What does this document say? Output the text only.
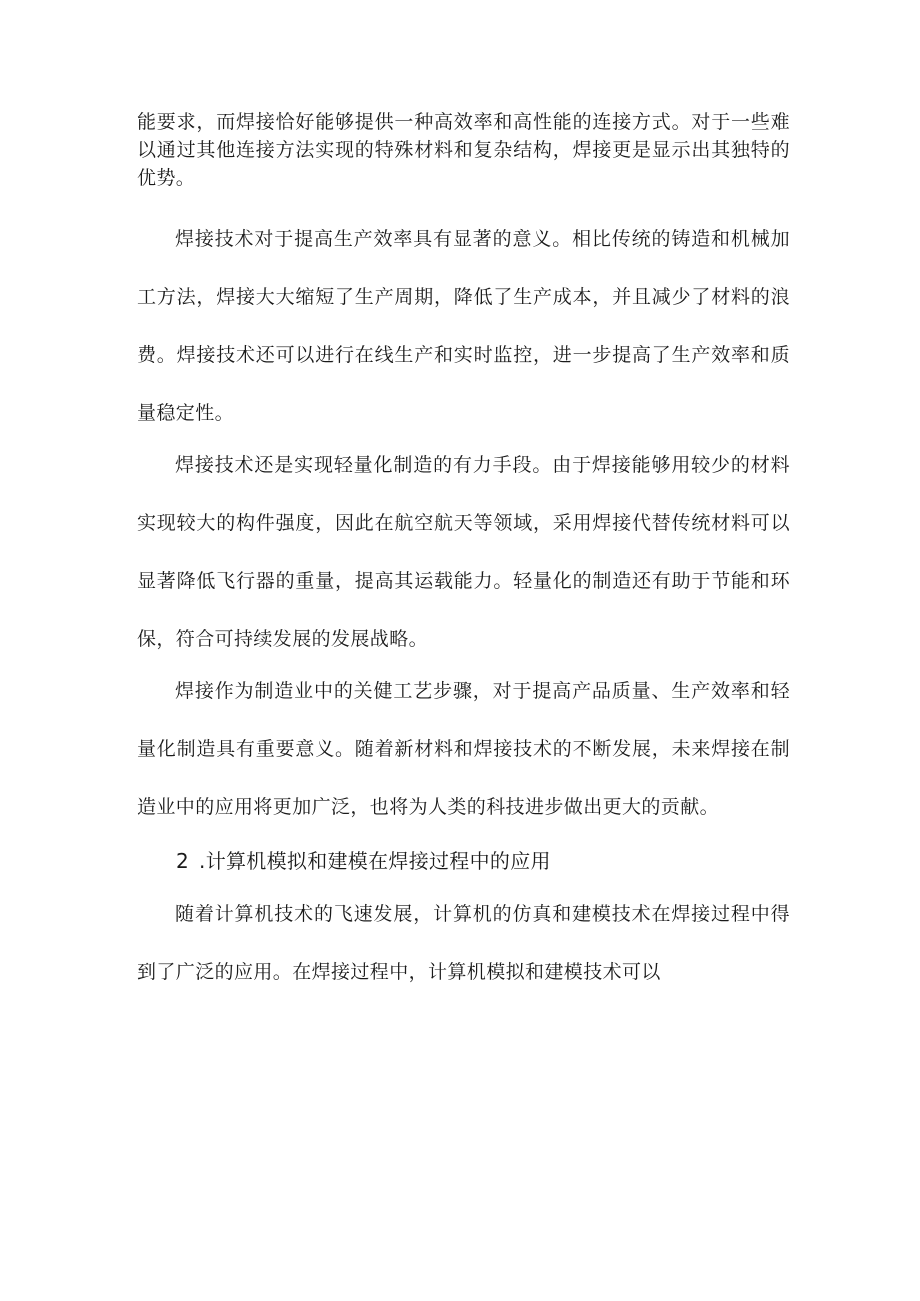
能要求，而焊接恰好能够提供一种高效率和高性能的连接方式。对于一些难以通过其他连接方法实现的特殊材料和复杂结构，焊接更是显示出其独特的优势。

焊接技术对于提高生产效率具有显著的意义。相比传统的铸造和机械加工方法，焊接大大缩短了生产周期，降低了生产成本，并且减少了材料的浪费。焊接技术还可以进行在线生产和实时监控，进一步提高了生产效率和质量稳定性。

焊接技术还是实现轻量化制造的有力手段。由于焊接能够用较少的材料实现较大的构件强度，因此在航空航天等领域，采用焊接代替传统材料可以显著降低飞行器的重量，提高其运载能力。轻量化的制造还有助于节能和环保，符合可持续发展的发展战略。

焊接作为制造业中的关健工艺步骤，对于提高产品质量、生产效率和轻量化制造具有重要意义。随着新材料和焊接技术的不断发展，未来焊接在制造业中的应用将更加广泛，也将为人类的科技进步做出更大的贡献。

2 .计算机模拟和建模在焊接过程中的应用

随着计算机技术的飞速发展，计算机的仿真和建模技术在焊接过程中得到了广泛的应用。在焊接过程中，计算机模拟和建模技术可以
